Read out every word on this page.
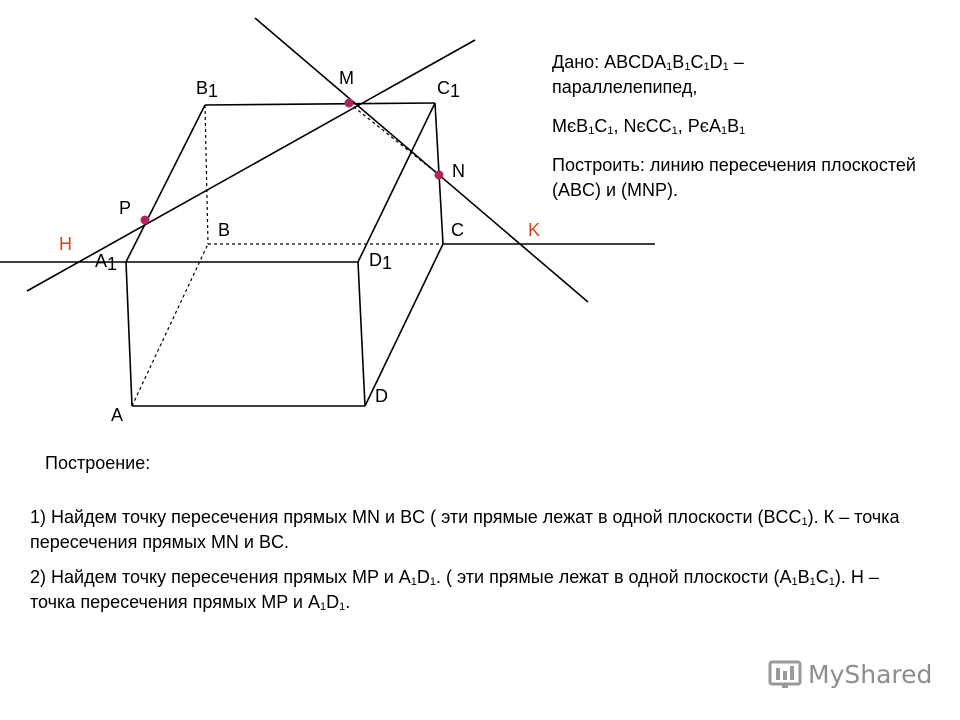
B1
M	C1
N
P
B	C
H
K
A1	D1
A
D

Дано: $ABCDA_1B_1C_1D_1$ –
параллелепипед,

$MєB_1C_1$, NєCC$_1$, $PєA_1B_1$

Построить: линию пересечения плоскостей (ABC) и (MNP).

Построение:

1) Найдем точку пересечения прямых MN и BC ( эти прямые лежат в одной плоскости $(BCC_1)$. К – точка пересечения прямых MN и BC.

2) Найдем точку пересечения прямых MP и $A_1D_1$. ( эти прямые лежат в одной плоскости $(A_1B_1C_1)$. H – точка пересечения прямых MP и $A_1D_1$.

MyShared
